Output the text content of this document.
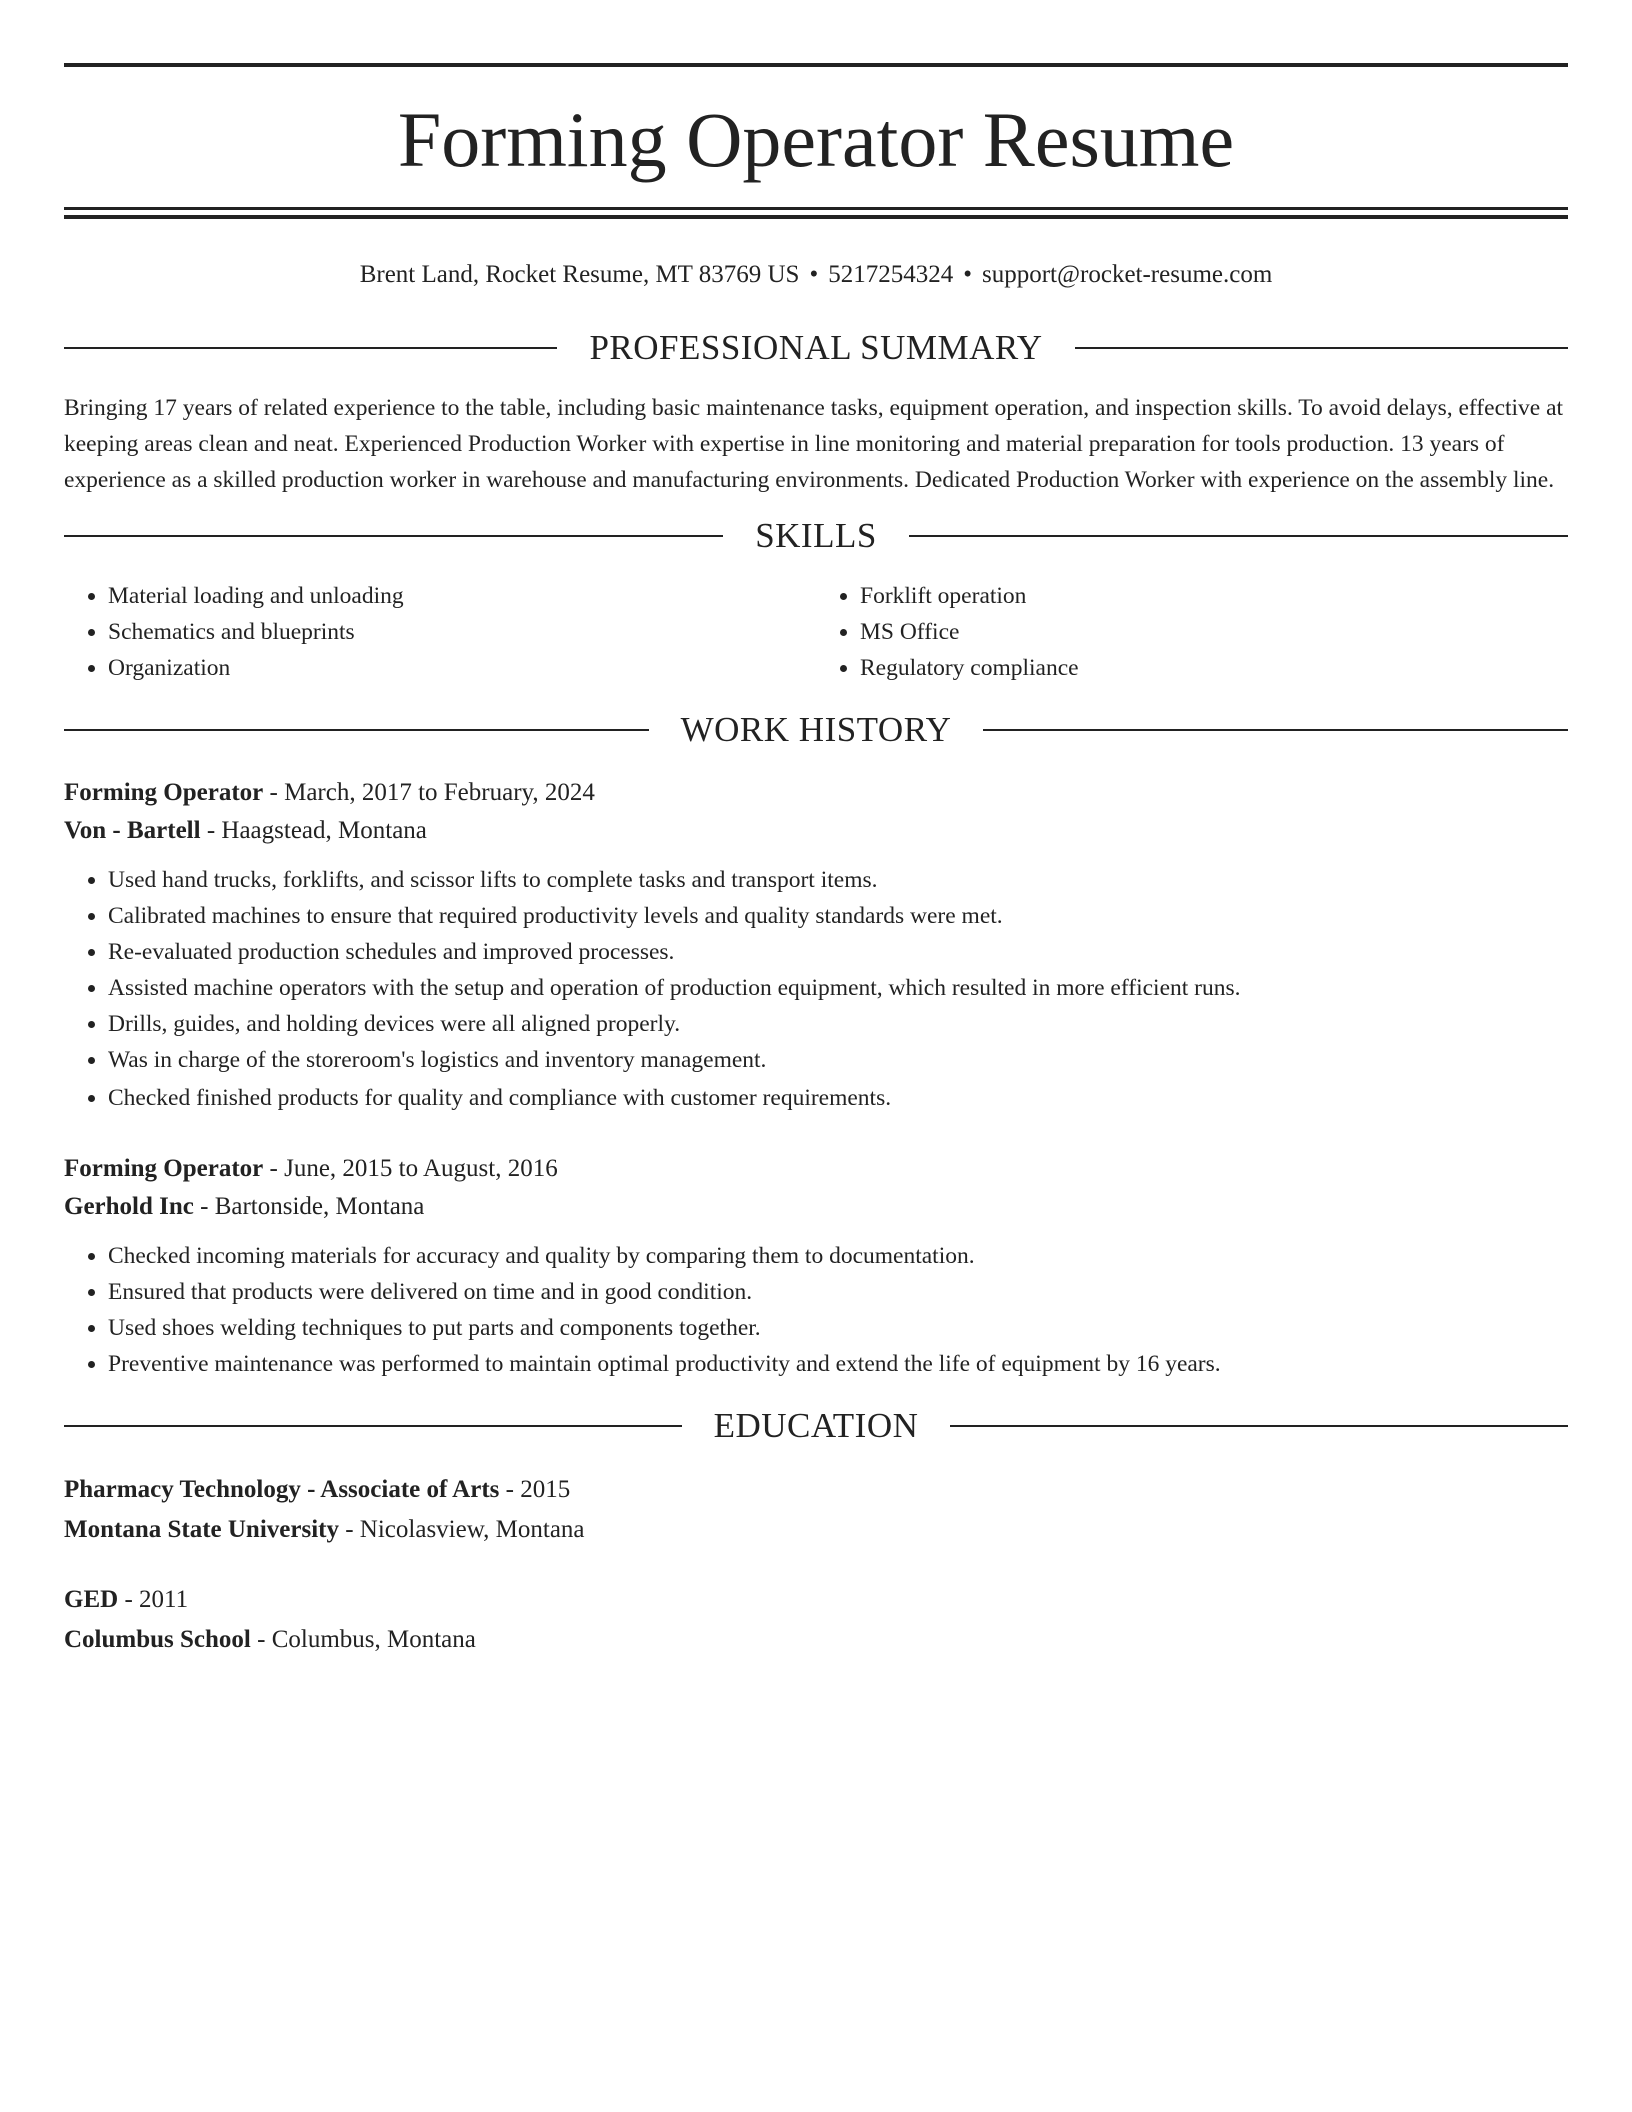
Forming Operator Resume
Brent Land, Rocket Resume, MT 83769 US • 5217254324 • support@rocket-resume.com
PROFESSIONAL SUMMARY

Bringing 17 years of related experience to the table, including basic maintenance tasks, equipment operation, and inspection skills. To avoid delays, effective at keeping areas clean and neat. Experienced Production Worker with expertise in line monitoring and material preparation for tools production. 13 years of experience as a skilled production worker in warehouse and manufacturing environments. Dedicated Production Worker with experience on the assembly line.

SKILLS
• Material loading and unloading
• Schematics and blueprints
• Organization
• Forklift operation
• MS Office
• Regulatory compliance
WORK HISTORY
Forming Operator - March, 2017 to February, 2024
Von - Bartell - Haagstead, Montana
• Used hand trucks, forklifts, and scissor lifts to complete tasks and transport items.
• Calibrated machines to ensure that required productivity levels and quality standards were met.
• Re-evaluated production schedules and improved processes.
• Assisted machine operators with the setup and operation of production equipment, which resulted in more efficient runs.
• Drills, guides, and holding devices were all aligned properly.
• Was in charge of the storeroom's logistics and inventory management.
• Checked finished products for quality and compliance with customer requirements.
Forming Operator - June, 2015 to August, 2016
Gerhold Inc - Bartonside, Montana
• Checked incoming materials for accuracy and quality by comparing them to documentation.
• Ensured that products were delivered on time and in good condition.
• Used shoes welding techniques to put parts and components together.
• Preventive maintenance was performed to maintain optimal productivity and extend the life of equipment by 16 years.
EDUCATION
Pharmacy Technology - Associate of Arts - 2015
Montana State University - Nicolasview, Montana
GED - 2011
Columbus School - Columbus, Montana
